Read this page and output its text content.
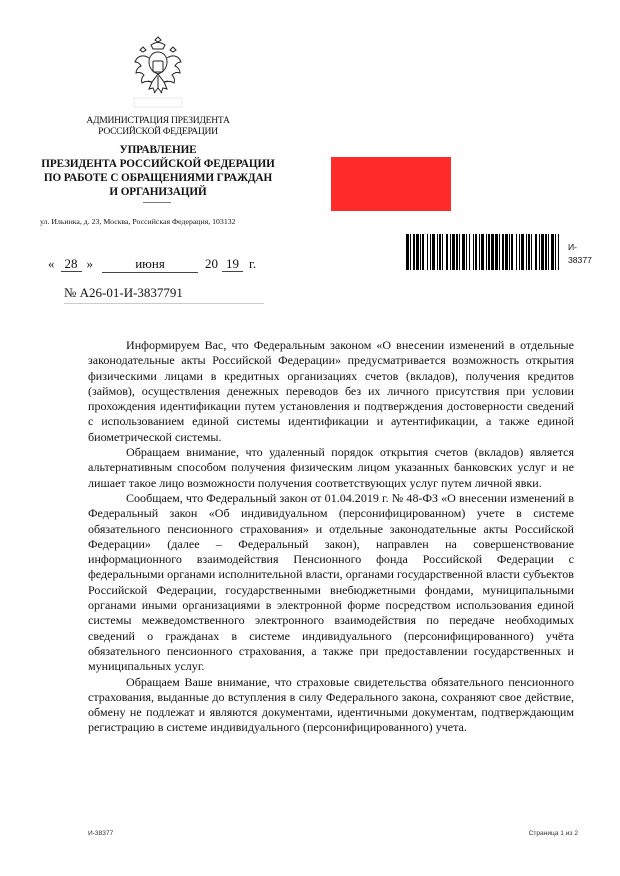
АДМИНИСТРАЦИЯ ПРЕЗИДЕНТА
РОССИЙСКОЙ ФЕДЕРАЦИИ
УПРАВЛЕНИЕ
ПРЕЗИДЕНТА РОССИЙСКОЙ ФЕДЕРАЦИИ
ПО РАБОТЕ С ОБРАЩЕНИЯМИ ГРАЖДАН
И ОРГАНИЗАЦИЙ
ул. Ильинка, д. 23, Москва, Российская Федерация, 103132
И-
38377
« 28 »	июня	20 19 г.
№ А26-01-И-3837791

Информируем Вас, что Федеральным законом «О внесении изменений в отдельные законодательные акты Российской Федерации» предусматривается возможность открытия физическими лицами в кредитных организациях счетов (вкладов), получения кредитов (займов), осуществления денежных переводов без их личного присутствия при условии прохождения идентификации путем установления и подтверждения достоверности сведений с использованием единой системы идентификации и аутентификации, а также единой биометрической системы.

Обращаем внимание, что удаленный порядок открытия счетов (вкладов) является альтернативным способом получения физическим лицом указанных банковских услуг и не лишает такое лицо возможности получения соответствующих услуг путем личной явки.

Сообщаем, что Федеральный закон от 01.04.2019 г. № 48-ФЗ «О внесении изменений в Федеральный закон «Об индивидуальном (персонифицированном) учете в системе обязательного пенсионного страхования» и отдельные законодательные акты Российской Федерации» (далее – Федеральный закон), направлен на совершенствование информационного взаимодействия Пенсионного фонда Российской Федерации с федеральными органами исполнительной власти, органами государственной власти субъектов Российской Федерации, государственными внебюджетными фондами, муниципальными органами иными организациями в электронной форме посредством использования единой системы межведомственного электронного взаимодействия по передаче необходимых сведений о гражданах в системе индивидуального (персонифицированного) учёта обязательного пенсионного страхования, а также при предоставлении государственных и муниципальных услуг.

Обращаем Ваше внимание, что страховые свидетельства обязательного пенсионного страхования, выданные до вступления в силу Федерального закона, сохраняют свое действие, обмену не подлежат и являются документами, идентичными документам, подтверждающим регистрацию в системе индивидуального (персонифицированного) учета.

И-38377	Страница 1 из 2
